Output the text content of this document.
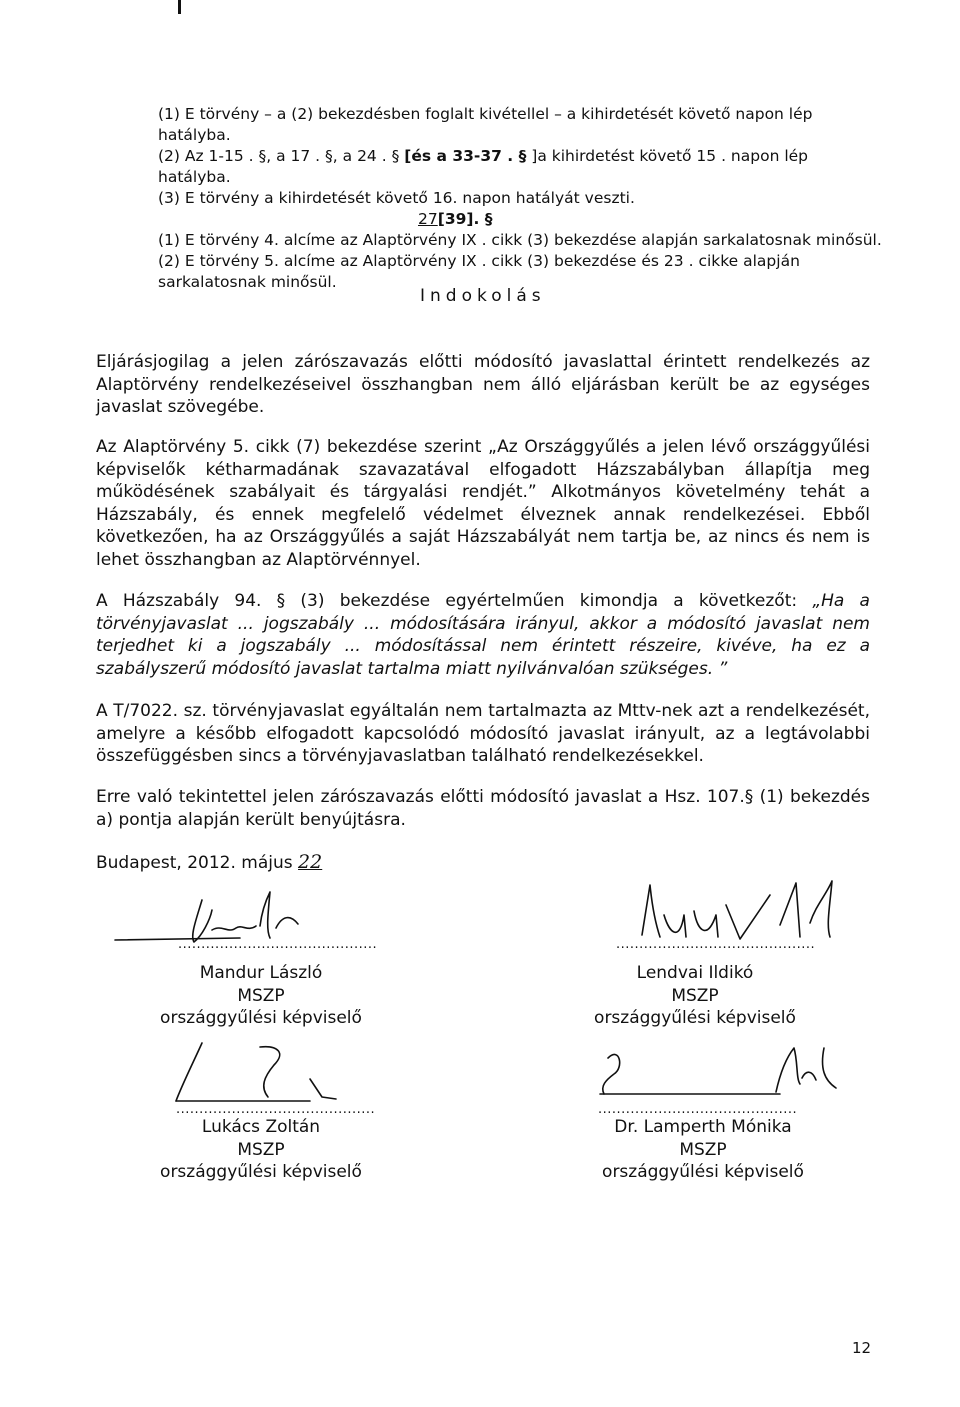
(1) E törvény – a (2) bekezdésben foglalt kivétellel – a kihirdetését követő napon lép
hatályba.
(2) Az 1-15 . §, a 17 . §, a 24 . § [és a 33-37 . § ]a kihirdetést követő 15 . napon lép
hatályba.
(3) E törvény a kihirdetését követő 16. napon hatályát veszti.
27[39]. §
(1) E törvény 4. alcíme az Alaptörvény IX . cikk (3) bekezdése alapján sarkalatosnak minősül.
(2) E törvény 5. alcíme az Alaptörvény IX . cikk (3) bekezdése és 23 . cikke alapján
sarkalatosnak minősül.
Indokolás
Eljárásjogilag a jelen zárószavazás előtti módosító javaslattal érintett rendelkezés az Alaptörvény rendelkezéseivel összhangban nem álló eljárásban került be az egységes javaslat szövegébe.
Az Alaptörvény 5. cikk (7) bekezdése szerint „Az Országgyűlés a jelen lévő országgyűlési képviselők kétharmadának szavazatával elfogadott Házszabályban állapítja meg működésének szabályait és tárgyalási rendjét.” Alkotmányos követelmény tehát a Házszabály, és ennek megfelelő védelmet élveznek annak rendelkezései. Ebből következően, ha az Országgyűlés a saját Házszabályát nem tartja be, az nincs és nem is lehet összhangban az Alaptörvénnyel.
A Házszabály 94. § (3) bekezdése egyértelműen kimondja a következőt: „Ha a törvényjavaslat ... jogszabály ... módosítására irányul, akkor a módosító javaslat nem terjedhet ki a jogszabály ... módosítással nem érintett részeire, kivéve, ha ez a szabályszerű módosító javaslat tartalma miatt nyilvánvalóan szükséges. ”
A T/7022. sz. törvényjavaslat egyáltalán nem tartalmazta az Mttv-nek azt a rendelkezését, amelyre a később elfogadott kapcsolódó módosító javaslat irányult, az a legtávolabbi összefüggésben sincs a törvényjavaslatban található rendelkezésekkel.
Erre való tekintettel jelen zárószavazás előtti módosító javaslat a Hsz. 107.§ (1) bekezdés a) pontja alapján került benyújtásra.
Budapest, 2012. május 22
...........................................
Mandur László
MSZP
országgyűlési képviselő
...........................................
Lendvai Ildikó
MSZP
országgyűlési képviselő
...........................................
Lukács Zoltán
MSZP
országgyűlési képviselő
...........................................
Dr. Lamperth Mónika
MSZP
országgyűlési képviselő
12
